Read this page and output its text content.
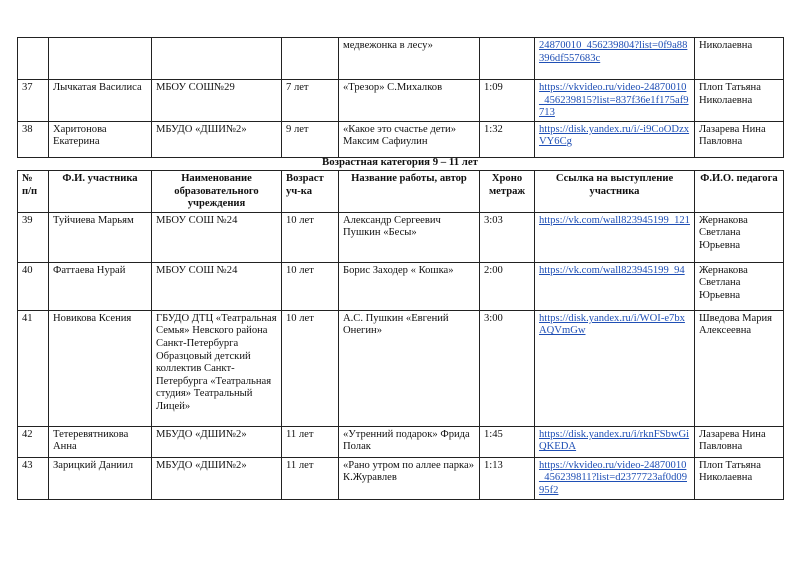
				медвежонка в лесу»		24870010_456239804?list=0f9a88396df557683c	Николаевна
37	Лычкатая Василиса	МБОУ СОШ№29	7 лет	«Трезор» С.Михалков	1:09	https://vkvideo.ru/video-24870010_456239815?list=837f36e1f175af9713	Плоп Татьяна Николаевна
38	Харитонова Екатерина	МБУДО «ДШИ№2»	9 лет	«Какое это счастье дети» Максим Сафиулин	1:32	https://disk.yandex.ru/i/-i9CoODzxVY6Cg	Лазарева Нина Павловна
Возрастная категория 9 – 11 лет
№ п/п	Ф.И. участника	Наименование образовательного учреждения	Возраст уч-ка	Название работы, автор	Хроно метраж	Ссылка на выступление участника	Ф.И.О. педагога
39	Туйчиева Марьям	МБОУ СОШ №24	10 лет	Александр Сергеевич Пушкин «Бесы»	3:03	https://vk.com/wall823945199_121	Жернакова Светлана Юрьевна
40	Фаттаева Нурай	МБОУ СОШ №24	10 лет	Борис Заходер « Кошка»	2:00	https://vk.com/wall823945199_94	Жернакова Светлана Юрьевна
41	Новикова Ксения	ГБУДО ДТЦ «Театральная Семья» Невского района Санкт-Петербурга Образцовый детский коллектив Санкт-Петербурга «Театральная студия» Театральный Лицей»	10 лет	А.С. Пушкин «Евгений Онегин»	3:00	https://disk.yandex.ru/i/WOI-e7bxAQVmGw	Шведова Мария Алексеевна
42	Тетеревятникова Анна	МБУДО «ДШИ№2»	11 лет	«Утренний подарок» Фрида Полак	1:45	https://disk.yandex.ru/i/rknFSbwGiQKEDA	Лазарева Нина Павловна
43	Зарицкий Даниил	МБУДО «ДШИ№2»	11 лет	«Рано утром по аллее парка» К.Журавлев	1:13	https://vkvideo.ru/video-24870010_456239811?list=d2377723af0d0995f2	Плоп Татьяна Николаевна
